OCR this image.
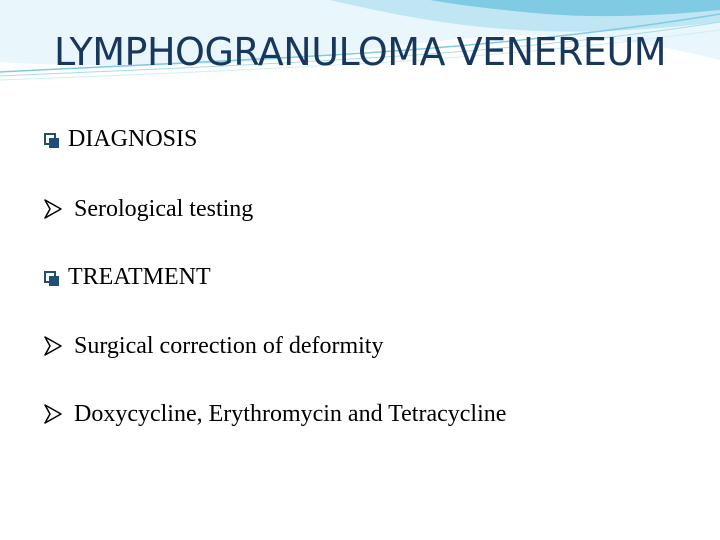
LYMPHOGRANULOMA VENEREUM
DIAGNOSIS
Serological testing
TREATMENT
Surgical correction of deformity
Doxycycline, Erythromycin and Tetracycline
